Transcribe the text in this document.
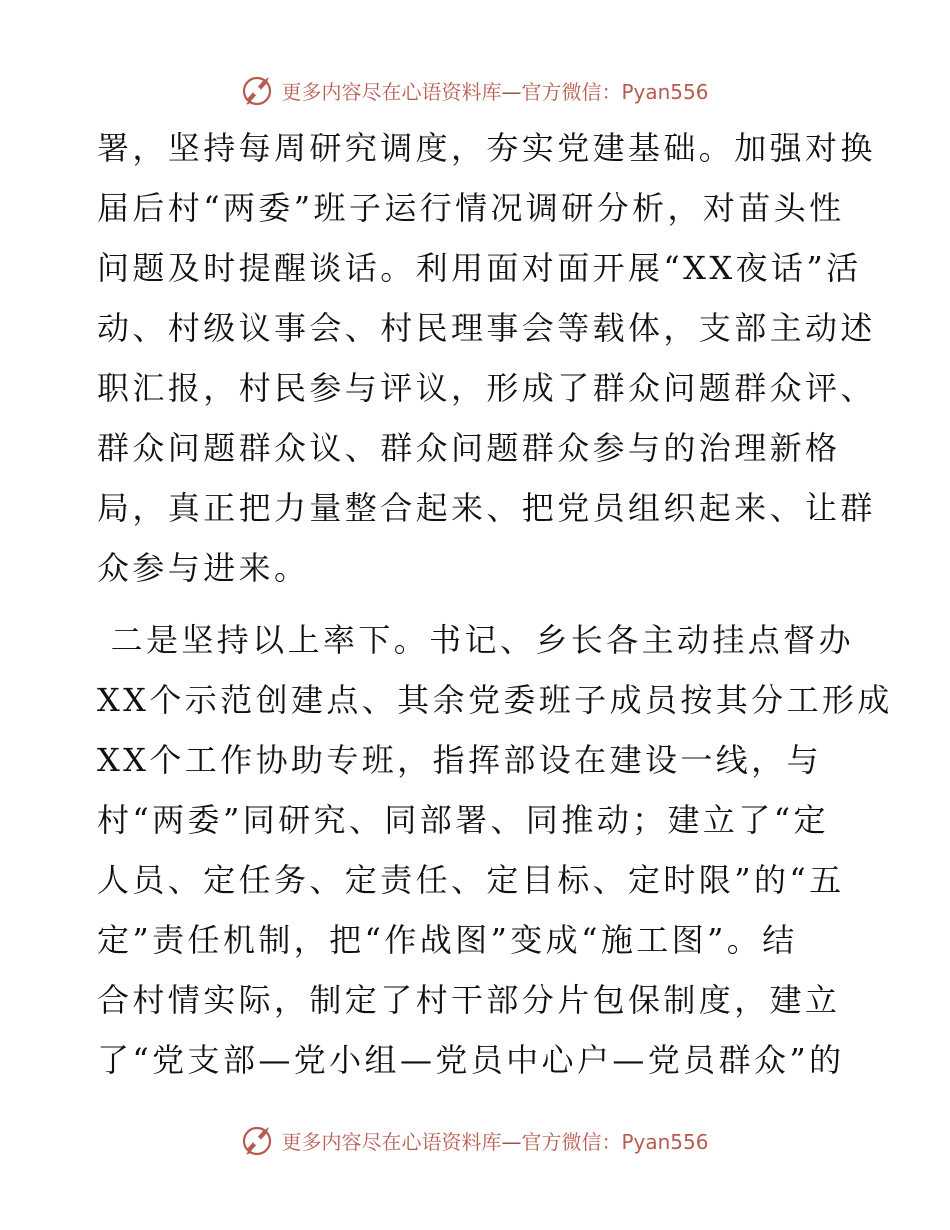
更多内容尽在心语资料库—官方微信：Pyan556
署，坚持每周研究调度，夯实党建基础。加强对换
届后村“两委”班子运行情况调研分析，对苗头性
问题及时提醒谈话。利用面对面开展“XX夜话”活
动、村级议事会、村民理事会等载体，支部主动述
职汇报，村民参与评议，形成了群众问题群众评、
群众问题群众议、群众问题群众参与的治理新格
局，真正把力量整合起来、把党员组织起来、让群
众参与进来。
二是坚持以上率下。书记、乡长各主动挂点督办
XX个示范创建点、其余党委班子成员按其分工形成
XX个工作协助专班，指挥部设在建设一线，与
村“两委”同研究、同部署、同推动；建立了“定
人员、定任务、定责任、定目标、定时限”的“五
定”责任机制，把“作战图”变成“施工图”。结
合村情实际，制定了村干部分片包保制度，建立
了“党支部—党小组—党员中心户—党员群众”的
更多内容尽在心语资料库—官方微信：Pyan556
